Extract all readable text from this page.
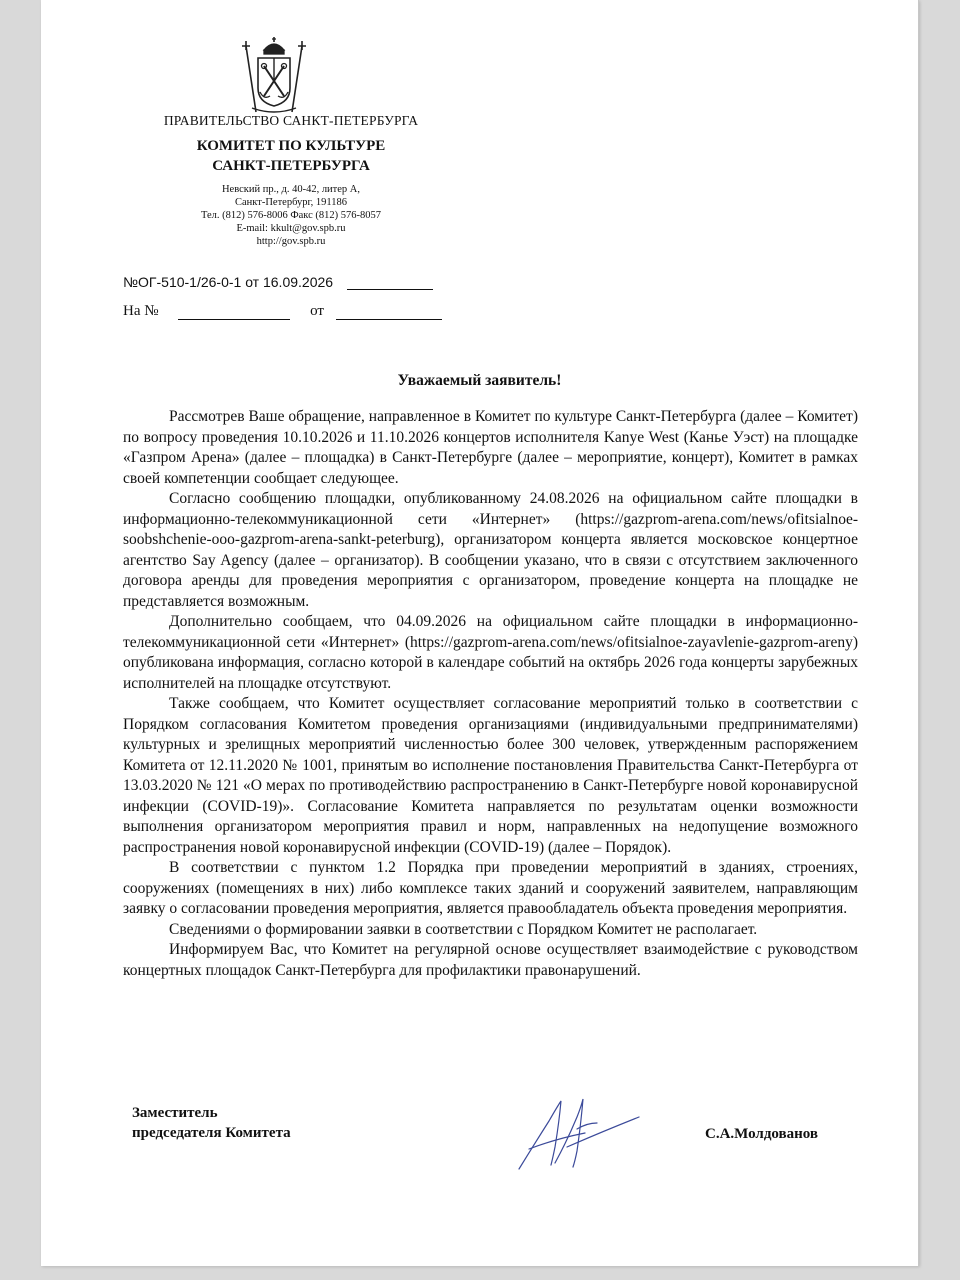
ПРАВИТЕЛЬСТВО САНКТ-ПЕТЕРБУРГА
КОМИТЕТ ПО КУЛЬТУРЕ
САНКТ-ПЕТЕРБУРГА
Невский пр., д. 40-42, литер А,
Санкт-Петербург, 191186
Тел. (812) 576-8006 Факс (812) 576-8057
E-mail: kkult@gov.spb.ru
http://gov.spb.ru
№ОГ-510-1/26-0-1 от 16.09.2026
На №	от
Уважаемый заявитель!

Рассмотрев Ваше обращение, направленное в Комитет по культуре Санкт-Петербурга (далее – Комитет) по вопросу проведения 10.10.2026 и 11.10.2026 концертов исполнителя Kanye West (Канье Уэст) на площадке «Газпром Арена» (далее – площадка) в Санкт-Петербурге (далее – мероприятие, концерт), Комитет в рамках своей компетенции сообщает следующее.

Согласно сообщению площадки, опубликованному 24.08.2026 на официальном сайте площадки в информационно-телекоммуникационной сети «Интернет» (https://gazprom-arena.com/news/ofitsialnoe-soobshchenie-ooo-gazprom-arena-sankt-peterburg), организатором концерта является московское концертное агентство Say Agency (далее – организатор). В сообщении указано, что в связи с отсутствием заключенного договора аренды для проведения мероприятия с организатором, проведение концерта на площадке не представляется возможным.

Дополнительно сообщаем, что 04.09.2026 на официальном сайте площадки в информационно-телекоммуникационной сети «Интернет» (https://gazprom-arena.com/news/ofitsialnoe-zayavlenie-gazprom-areny) опубликована информация, согласно которой в календаре событий на октябрь 2026 года концерты зарубежных исполнителей на площадке отсутствуют.

Также сообщаем, что Комитет осуществляет согласование мероприятий только в соответствии с Порядком согласования Комитетом проведения организациями (индивидуальными предпринимателями) культурных и зрелищных мероприятий численностью более 300 человек, утвержденным распоряжением Комитета от 12.11.2020 № 1001, принятым во исполнение постановления Правительства Санкт-Петербурга от 13.03.2020 № 121 «О мерах по противодействию распространению в Санкт-Петербурге новой коронавирусной инфекции (COVID-19)». Согласование Комитета направляется по результатам оценки возможности выполнения организатором мероприятия правил и норм, направленных на недопущение возможного распространения новой коронавирусной инфекции (COVID-19) (далее – Порядок).

В соответствии с пунктом 1.2 Порядка при проведении мероприятий в зданиях, строениях, сооружениях (помещениях в них) либо комплексе таких зданий и сооружений заявителем, направляющим заявку о согласовании проведения мероприятия, является правообладатель объекта проведения мероприятия.

Сведениями о формировании заявки в соответствии с Порядком Комитет не располагает.

Информируем Вас, что Комитет на регулярной основе осуществляет взаимодействие с руководством концертных площадок Санкт-Петербурга для профилактики правонарушений.

Заместитель
председателя Комитета	С.А.Молдованов
